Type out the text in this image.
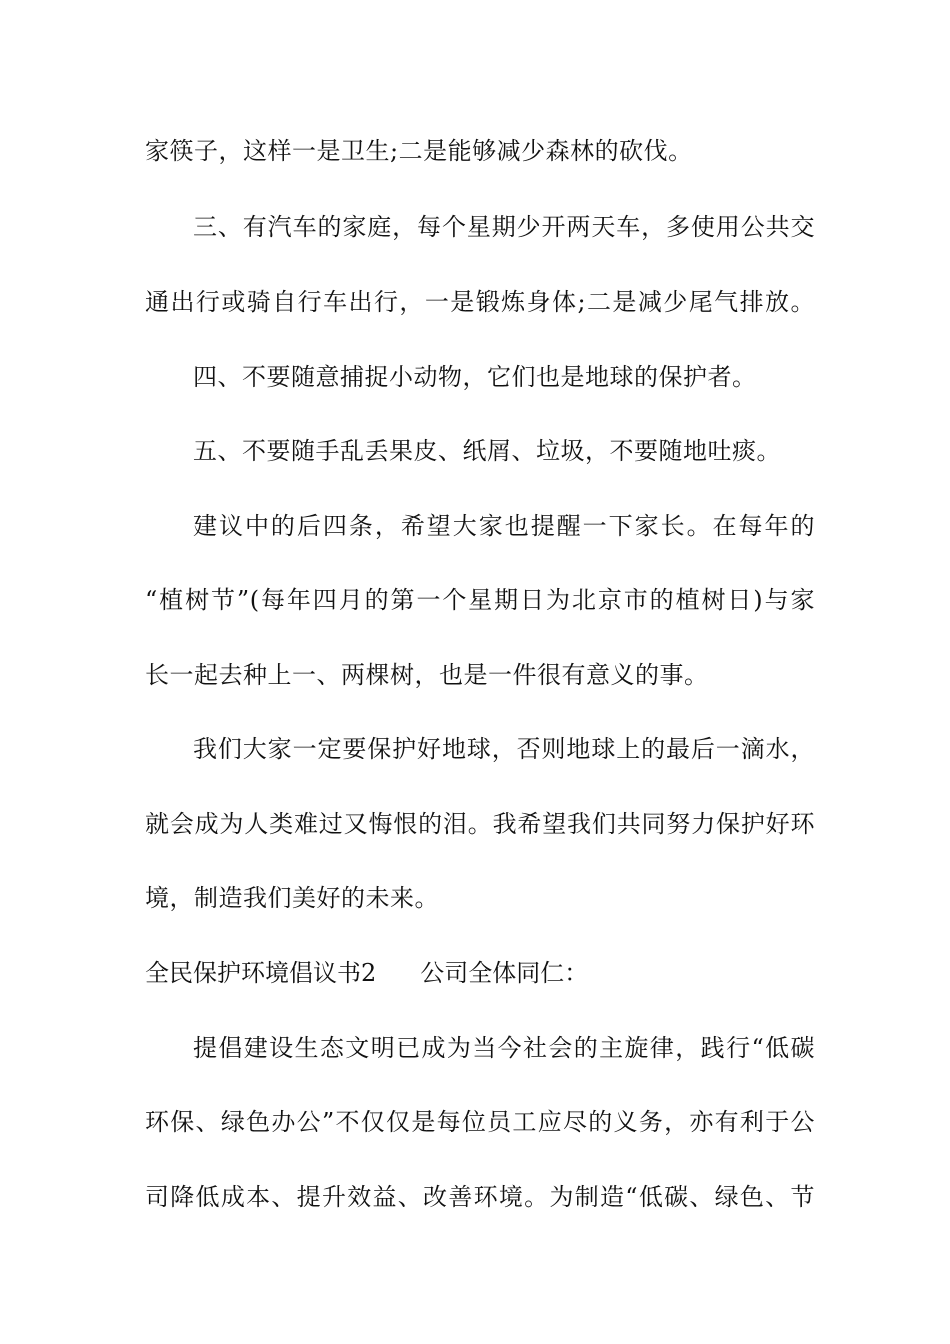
家筷子，这样一是卫生;二是能够减少森林的砍伐。
三、有汽车的家庭，每个星期少开两天车，多使用公共交
通出行或骑自行车出行，一是锻炼身体;二是减少尾气排放。
四、不要随意捕捉小动物，它们也是地球的保护者。
五、不要随手乱丢果皮、纸屑、垃圾，不要随地吐痰。
建议中的后四条，希望大家也提醒一下家长。在每年的
“植树节”(每年四月的第一个星期日为北京市的植树日)与家
长一起去种上一、两棵树，也是一件很有意义的事。
我们大家一定要保护好地球，否则地球上的最后一滴水，
就会成为人类难过又悔恨的泪。我希望我们共同努力保护好环
境，制造我们美好的未来。
全民保护环境倡议书2 公司全体同仁：
提倡建设生态文明已成为当今社会的主旋律，践行“低碳
环保、绿色办公”不仅仅是每位员工应尽的义务，亦有利于公
司降低成本、提升效益、改善环境。为制造“低碳、绿色、节
